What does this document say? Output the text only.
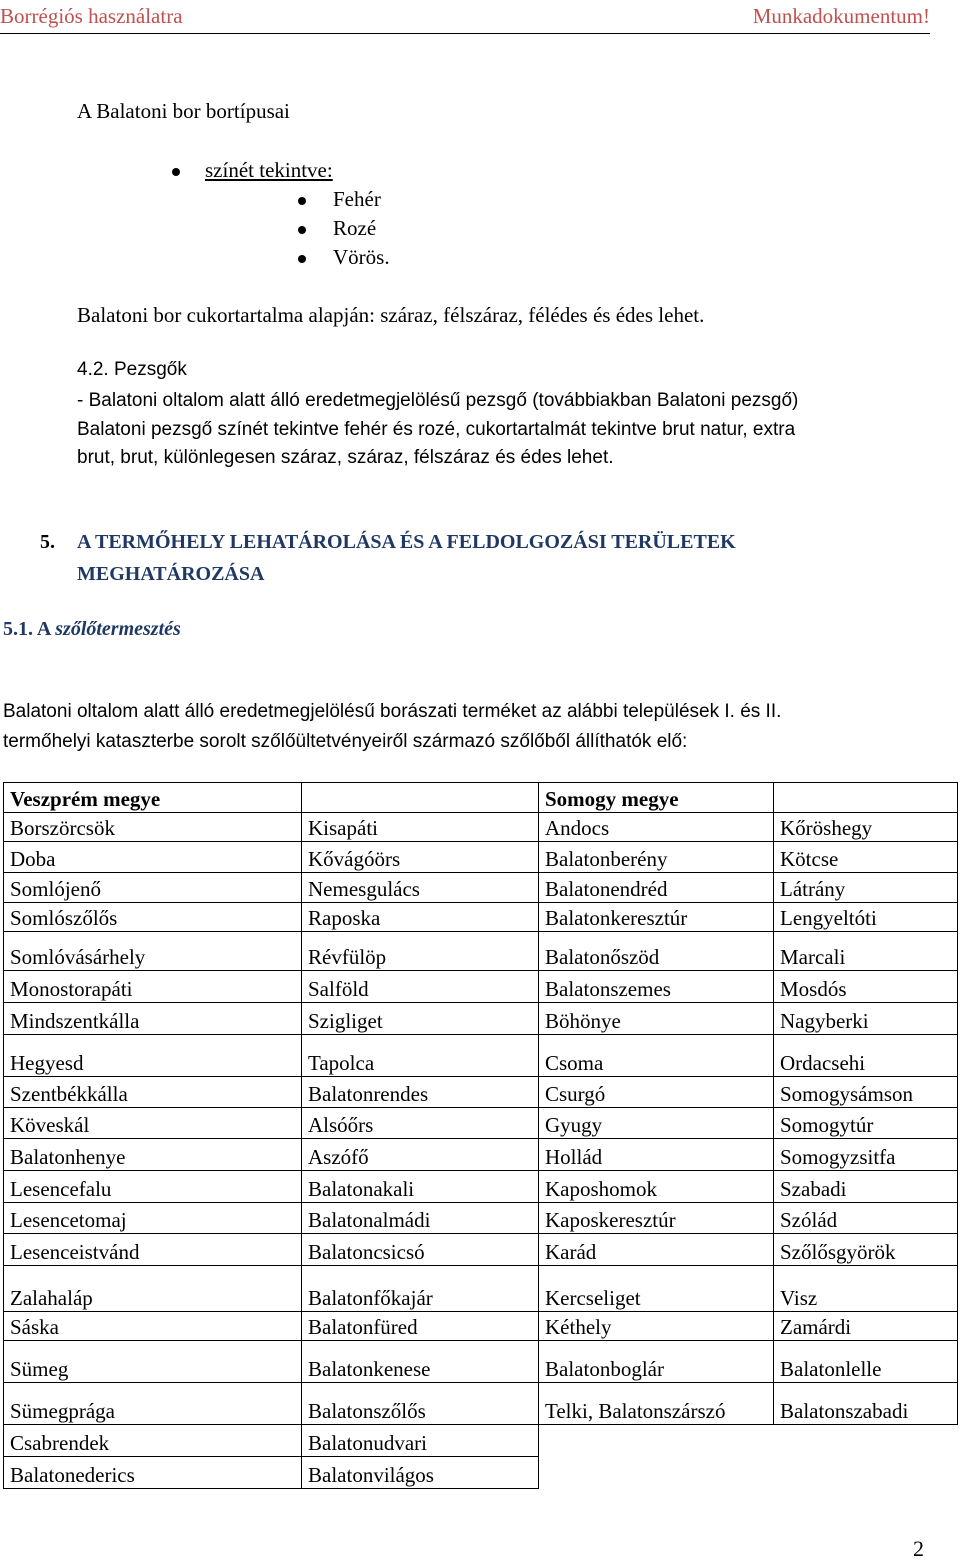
Borrégiós használatra	Munkadokumentum!
A Balatoni bor bortípusai
színét tekintve:
Fehér
Rozé
Vörös.
Balatoni bor cukortartalma alapján: száraz, félszáraz, félédes és édes lehet.
4.2. Pezsgők
- Balatoni oltalom alatt álló eredetmegjelölésű pezsgő (továbbiakban Balatoni pezsgő)
Balatoni pezsgő színét tekintve fehér és rozé, cukortartalmát tekintve brut natur, extra
brut, brut, különlegesen száraz, száraz, félszáraz és édes lehet.
5. A TERMŐHELY LEHATÁROLÁSA ÉS A FELDOLGOZÁSI TERÜLETEK
MEGHATÁROZÁSA
5.1. A szőlőtermesztés
Balatoni oltalom alatt álló eredetmegjelölésű borászati terméket az alábbi települések I. és II.
termőhelyi kataszterbe sorolt szőlőültetvényeiről származó szőlőből állíthatók elő:
Veszprém megye		Somogy megye	
Borszörcsök	Kisapáti	Andocs	Kőröshegy
Doba	Kővágóörs	Balatonberény	Kötcse
Somlójenő	Nemesgulács	Balatonendréd	Látrány
Somlószőlős	Raposka	Balatonkeresztúr	Lengyeltóti
Somlóvásárhely	Révfülöp	Balatonőszöd	Marcali
Monostorapáti	Salföld	Balatonszemes	Mosdós
Mindszentkálla	Szigliget	Böhönye	Nagyberki
Hegyesd	Tapolca	Csoma	Ordacsehi
Szentbékkálla	Balatonrendes	Csurgó	Somogysámson
Köveskál	Alsóőrs	Gyugy	Somogytúr
Balatonhenye	Aszófő	Hollád	Somogyzsitfa
Lesencefalu	Balatonakali	Kaposhomok	Szabadi
Lesencetomaj	Balatonalmádi	Kaposkeresztúr	Szólád
Lesenceistvánd	Balatoncsicsó	Karád	Szőlősgyörök
Zalahaláp	Balatonfőkajár	Kercseliget	Visz
Sáska	Balatonfüred	Kéthely	Zamárdi
Sümeg	Balatonkenese	Balatonboglár	Balatonlelle
Sümegprága	Balatonszőlős	Telki, Balatonszárszó	Balatonszabadi
Csabrendek	Balatonudvari		
Balatonederics	Balatonvilágos		
2
